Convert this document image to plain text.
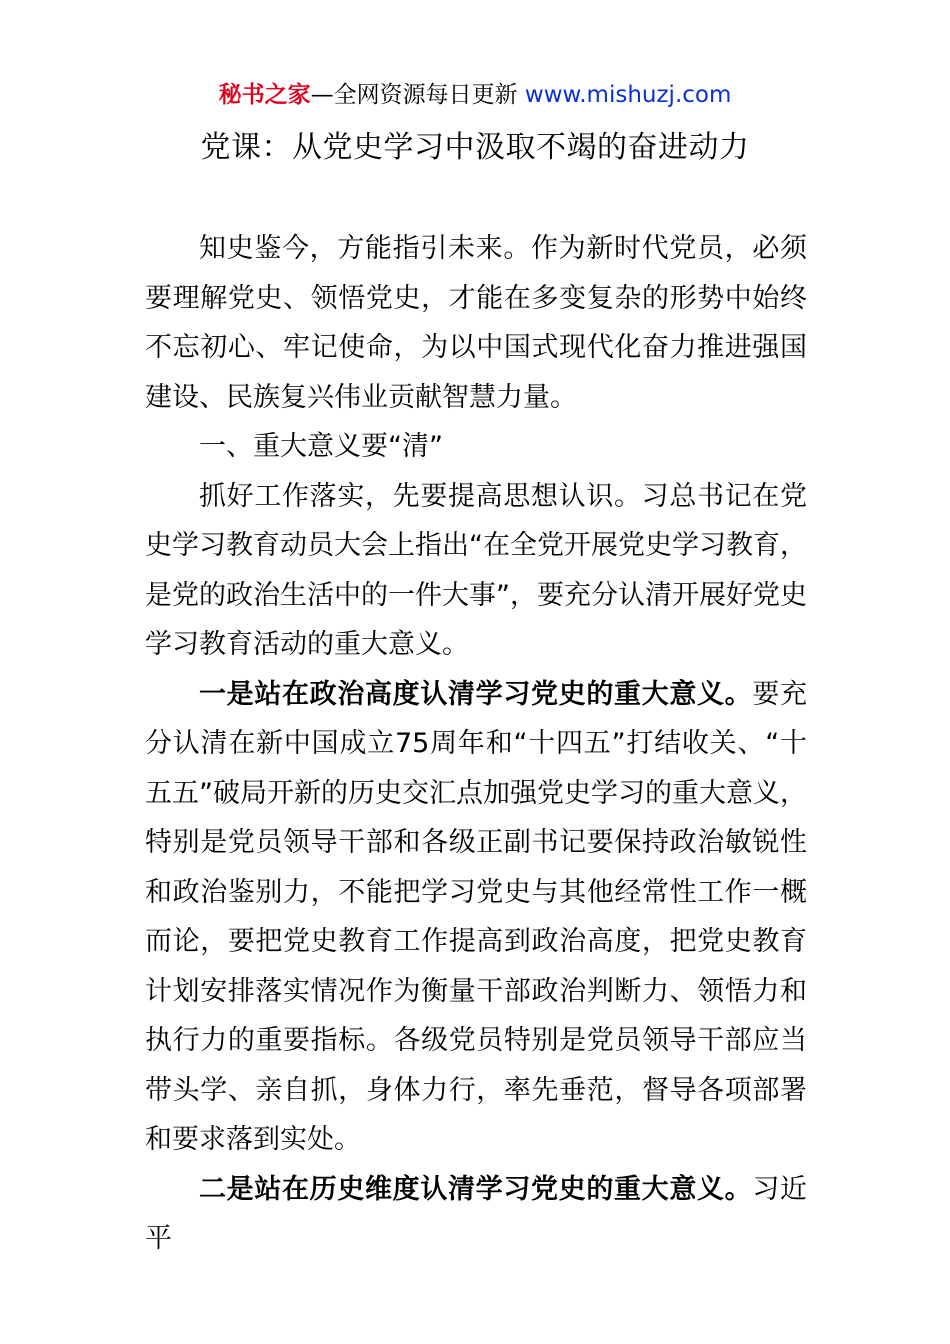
秘书之家—全网资源每日更新 www.mishuzj.com
党课：从党史学习中汲取不竭的奋进动力

知史鉴今，方能指引未来。作为新时代党员，必须要理解党史、领悟党史，才能在多变复杂的形势中始终不忘初心、牢记使命，为以中国式现代化奋力推进强国建设、民族复兴伟业贡献智慧力量。

一、重大意义要“清”

抓好工作落实，先要提高思想认识。习总书记在党史学习教育动员大会上指出“在全党开展党史学习教育，是党的政治生活中的一件大事”，要充分认清开展好党史学习教育活动的重大意义。

一是站在政治高度认清学习党史的重大意义。要充分认清在新中国成立75周年和“十四五”打结收关、“十五五”破局开新的历史交汇点加强党史学习的重大意义，特别是党员领导干部和各级正副书记要保持政治敏锐性和政治鉴别力，不能把学习党史与其他经常性工作一概而论，要把党史教育工作提高到政治高度，把党史教育计划安排落实情况作为衡量干部政治判断力、领悟力和执行力的重要指标。各级党员特别是党员领导干部应当带头学、亲自抓，身体力行，率先垂范，督导各项部署和要求落到实处。

二是站在历史维度认清学习党史的重大意义。习近平
